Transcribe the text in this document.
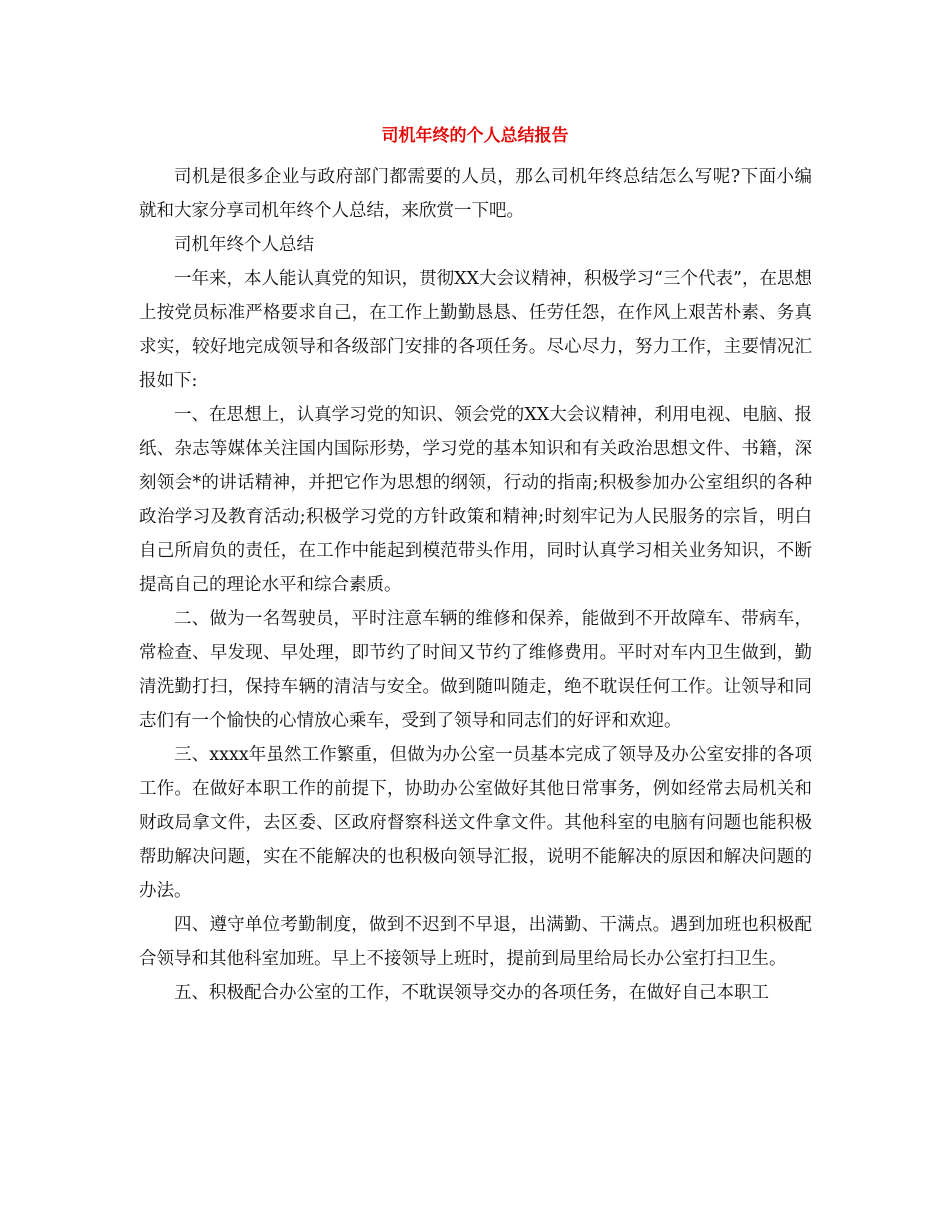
司机年终的个人总结报告

司机是很多企业与政府部门都需要的人员，那么司机年终总结怎么写呢?下面小编就和大家分享司机年终个人总结，来欣赏一下吧。

司机年终个人总结

一年来，本人能认真党的知识，贯彻XX大会议精神，积极学习“三个代表”，在思想上按党员标准严格要求自己，在工作上勤勤恳恳、任劳任怨，在作风上艰苦朴素、务真求实，较好地完成领导和各级部门安排的各项任务。尽心尽力，努力工作，主要情况汇报如下:

一、在思想上，认真学习党的知识、领会党的XX大会议精神，利用电视、电脑、报纸、杂志等媒体关注国内国际形势，学习党的基本知识和有关政治思想文件、书籍，深刻领会*的讲话精神，并把它作为思想的纲领，行动的指南;积极参加办公室组织的各种政治学习及教育活动;积极学习党的方针政策和精神;时刻牢记为人民服务的宗旨，明白自己所肩负的责任，在工作中能起到模范带头作用，同时认真学习相关业务知识，不断提高自己的理论水平和综合素质。

二、做为一名驾驶员，平时注意车辆的维修和保养，能做到不开故障车、带病车，常检查、早发现、早处理，即节约了时间又节约了维修费用。平时对车内卫生做到，勤清洗勤打扫，保持车辆的清洁与安全。做到随叫随走，绝不耽误任何工作。让领导和同志们有一个愉快的心情放心乘车，受到了领导和同志们的好评和欢迎。

三、xxxx年虽然工作繁重，但做为办公室一员基本完成了领导及办公室安排的各项工作。在做好本职工作的前提下，协助办公室做好其他日常事务，例如经常去局机关和财政局拿文件，去区委、区政府督察科送文件拿文件。其他科室的电脑有问题也能积极帮助解决问题，实在不能解决的也积极向领导汇报，说明不能解决的原因和解决问题的办法。

四、遵守单位考勤制度，做到不迟到不早退，出满勤、干满点。遇到加班也积极配合领导和其他科室加班。早上不接领导上班时，提前到局里给局长办公室打扫卫生。

五、积极配合办公室的工作，不耽误领导交办的各项任务，在做好自己本职工
